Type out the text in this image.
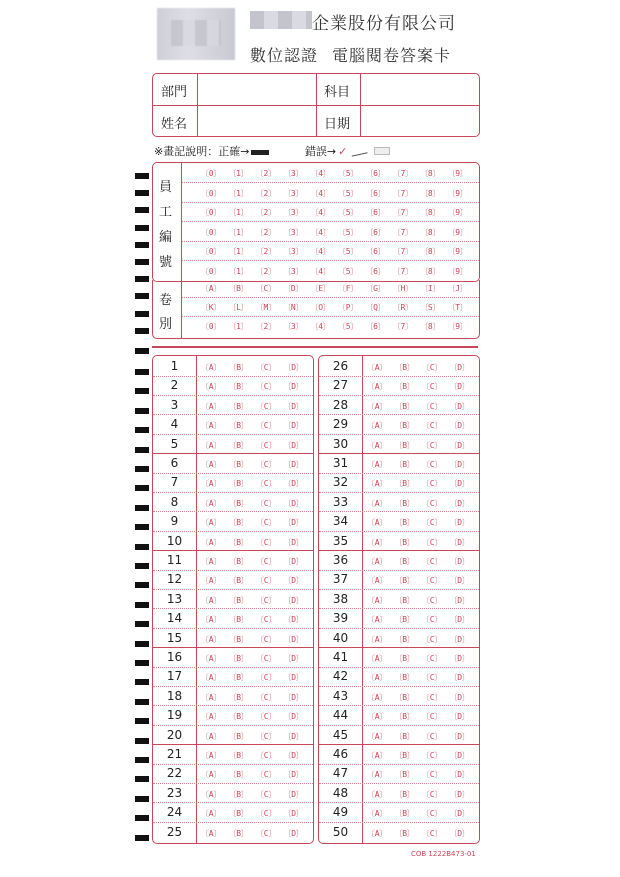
企業股份有限公司
數位認證 電腦閱卷答案卡
部門	科目
姓名	日期
※畫記說明：正確→	錯誤→ ✓
員
工
編
號
〔0〕 〔1〕 〔2〕 〔3〕 〔4〕 〔5〕 〔6〕 〔7〕 〔8〕 〔9〕
〔0〕 〔1〕 〔2〕 〔3〕 〔4〕 〔5〕 〔6〕 〔7〕 〔8〕 〔9〕
〔0〕 〔1〕 〔2〕 〔3〕 〔4〕 〔5〕 〔6〕 〔7〕 〔8〕 〔9〕
〔0〕 〔1〕 〔2〕 〔3〕 〔4〕 〔5〕 〔6〕 〔7〕 〔8〕 〔9〕
〔0〕 〔1〕 〔2〕 〔3〕 〔4〕 〔5〕 〔6〕 〔7〕 〔8〕 〔9〕
〔0〕 〔1〕 〔2〕 〔3〕 〔4〕 〔5〕 〔6〕 〔7〕 〔8〕 〔9〕
卷
別
〔A〕 〔B〕 〔C〕 〔D〕 〔E〕 〔F〕 〔G〕 〔H〕 〔I〕 〔J〕
〔K〕 〔L〕 〔M〕 〔N〕 〔O〕 〔P〕 〔Q〕 〔R〕 〔S〕 〔T〕
〔0〕 〔1〕 〔2〕 〔3〕 〔4〕 〔5〕 〔6〕 〔7〕 〔8〕 〔9〕
1	〔A〕 〔B〕 〔C〕 〔D〕
2	〔A〕 〔B〕 〔C〕 〔D〕
3	〔A〕 〔B〕 〔C〕 〔D〕
4	〔A〕 〔B〕 〔C〕 〔D〕
5	〔A〕 〔B〕 〔C〕 〔D〕
6	〔A〕 〔B〕 〔C〕 〔D〕
7	〔A〕 〔B〕 〔C〕 〔D〕
8	〔A〕 〔B〕 〔C〕 〔D〕
9	〔A〕 〔B〕 〔C〕 〔D〕
10	〔A〕 〔B〕 〔C〕 〔D〕
11	〔A〕 〔B〕 〔C〕 〔D〕
12	〔A〕 〔B〕 〔C〕 〔D〕
13	〔A〕 〔B〕 〔C〕 〔D〕
14	〔A〕 〔B〕 〔C〕 〔D〕
15	〔A〕 〔B〕 〔C〕 〔D〕
16	〔A〕 〔B〕 〔C〕 〔D〕
17	〔A〕 〔B〕 〔C〕 〔D〕
18	〔A〕 〔B〕 〔C〕 〔D〕
19	〔A〕 〔B〕 〔C〕 〔D〕
20	〔A〕 〔B〕 〔C〕 〔D〕
21	〔A〕 〔B〕 〔C〕 〔D〕
22	〔A〕 〔B〕 〔C〕 〔D〕
23	〔A〕 〔B〕 〔C〕 〔D〕
24	〔A〕 〔B〕 〔C〕 〔D〕
25	〔A〕 〔B〕 〔C〕 〔D〕
26	〔A〕 〔B〕 〔C〕 〔D〕
27	〔A〕 〔B〕 〔C〕 〔D〕
28	〔A〕 〔B〕 〔C〕 〔D〕
29	〔A〕 〔B〕 〔C〕 〔D〕
30	〔A〕 〔B〕 〔C〕 〔D〕
31	〔A〕 〔B〕 〔C〕 〔D〕
32	〔A〕 〔B〕 〔C〕 〔D〕
33	〔A〕 〔B〕 〔C〕 〔D〕
34	〔A〕 〔B〕 〔C〕 〔D〕
35	〔A〕 〔B〕 〔C〕 〔D〕
36	〔A〕 〔B〕 〔C〕 〔D〕
37	〔A〕 〔B〕 〔C〕 〔D〕
38	〔A〕 〔B〕 〔C〕 〔D〕
39	〔A〕 〔B〕 〔C〕 〔D〕
40	〔A〕 〔B〕 〔C〕 〔D〕
41	〔A〕 〔B〕 〔C〕 〔D〕
42	〔A〕 〔B〕 〔C〕 〔D〕
43	〔A〕 〔B〕 〔C〕 〔D〕
44	〔A〕 〔B〕 〔C〕 〔D〕
45	〔A〕 〔B〕 〔C〕 〔D〕
46	〔A〕 〔B〕 〔C〕 〔D〕
47	〔A〕 〔B〕 〔C〕 〔D〕
48	〔A〕 〔B〕 〔C〕 〔D〕
49	〔A〕 〔B〕 〔C〕 〔D〕
50	〔A〕 〔B〕 〔C〕 〔D〕
COB 1222B473-01
